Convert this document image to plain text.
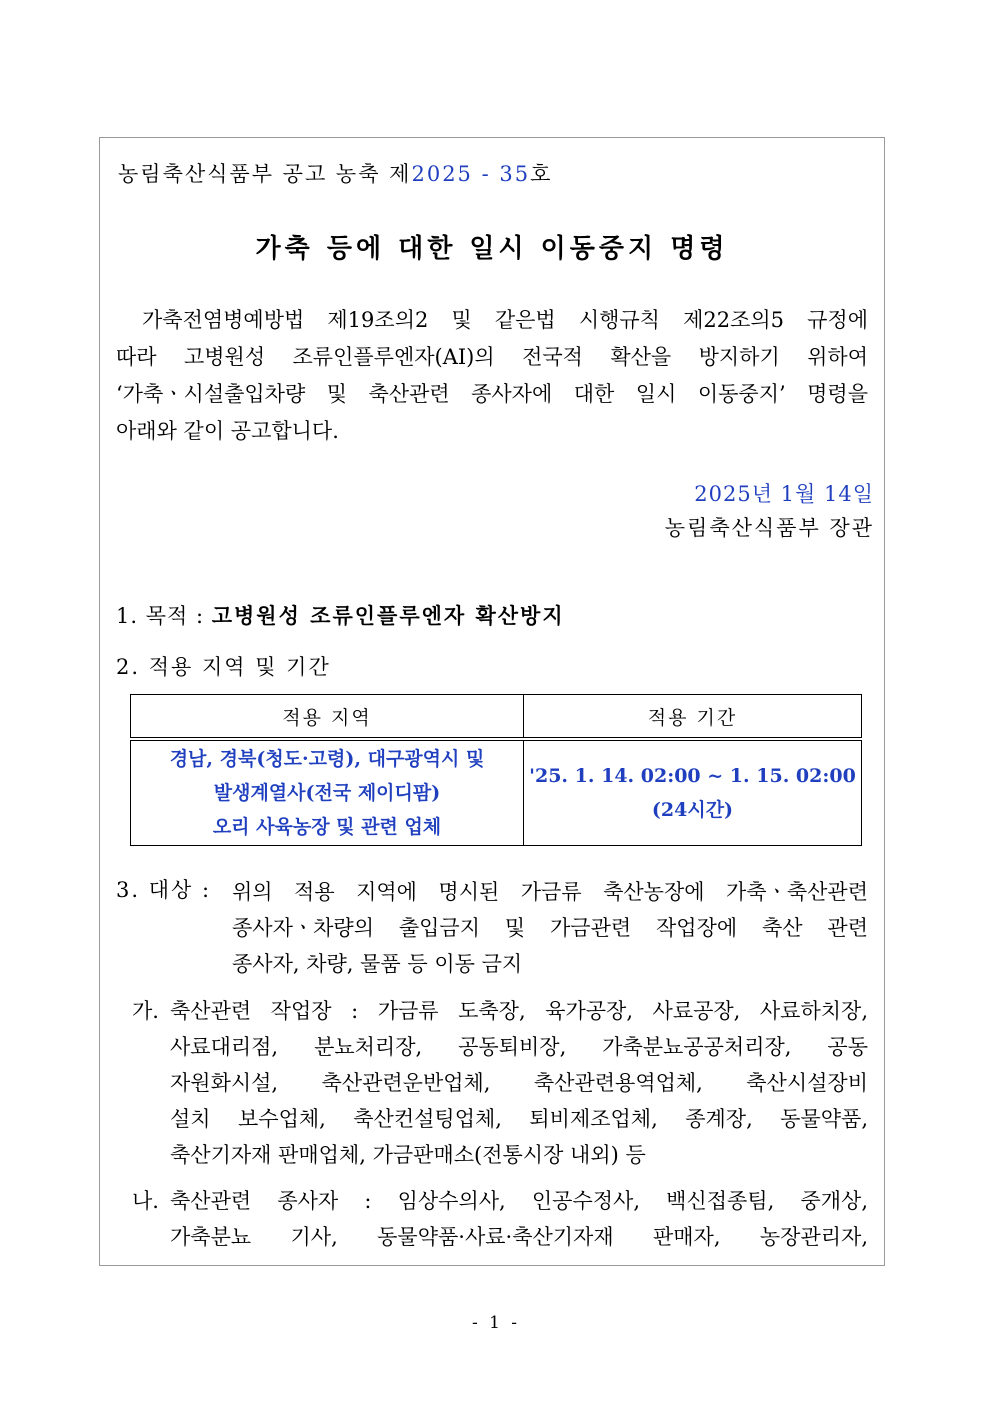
농림축산식품부 공고 농축 제2025 - 35호
가축 등에 대한 일시 이동중지 명령
가축전염병예방법 제19조의2 및 같은법 시행규칙 제22조의5 규정에
따라 고병원성 조류인플루엔자(AI)의 전국적 확산을 방지하기 위하여
‘가축ㆍ시설출입차량 및 축산관련 종사자에 대한 일시 이동중지’ 명령을
아래와 같이 공고합니다.
2025년 1월 14일
농림축산식품부 장관
1. 목적 : 고병원성 조류인플루엔자 확산방지
2. 적용 지역 및 기간
적용 지역	적용 기간

경남, 경북(청도·고령), 대구광역시 및
발생계열사(전국 제이디팜)
오리 사육농장 및 관련 업체	'25. 1. 14. 02:00 ~ 1. 15. 02:00
(24시간)
3. 대상 : 위의 적용 지역에 명시된 가금류 축산농장에 가축ㆍ축산관련
종사자ㆍ차량의 출입금지 및 가금관련 작업장에 축산 관련
종사자, 차량, 물품 등 이동 금지
가. 축산관련 작업장 : 가금류 도축장, 육가공장, 사료공장, 사료하치장,
사료대리점, 분뇨처리장, 공동퇴비장, 가축분뇨공공처리장, 공동
자원화시설, 축산관련운반업체, 축산관련용역업체, 축산시설장비
설치 보수업체, 축산컨설팅업체, 퇴비제조업체, 종계장, 동물약품,
축산기자재 판매업체, 가금판매소(전통시장 내외) 등
나. 축산관련 종사자 : 임상수의사, 인공수정사, 백신접종팀, 중개상,
가축분뇨 기사, 동물약품·사료·축산기자재 판매자, 농장관리자,
- 1 -
